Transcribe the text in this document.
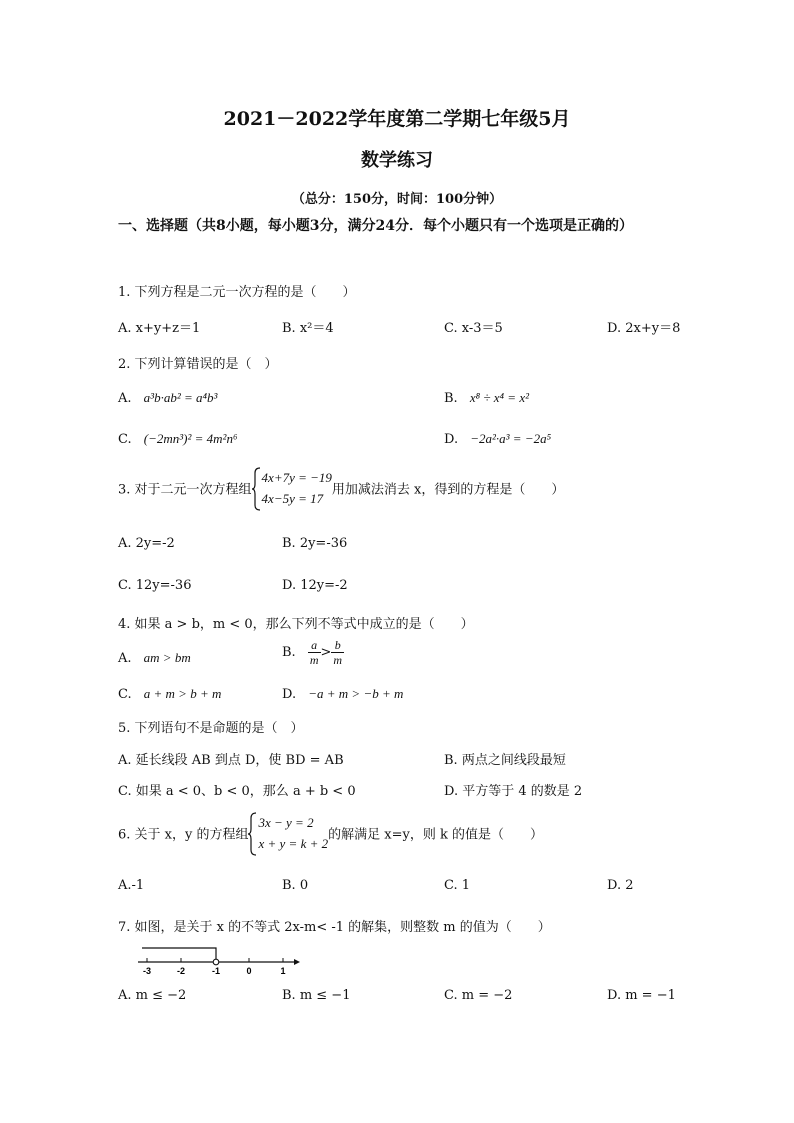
2021－2022学年度第二学期七年级5月
数学练习
（总分：150分，时间：100分钟）
一、选择题（共8小题，每小题3分，满分24分．每个小题只有一个选项是正确的）
1. 下列方程是二元一次方程的是（　　）
A. x+y+z＝1	B. x²＝4	C. x-3＝5	D. 2x+y＝8
2. 下列计算错误的是（　）
A. a³b·ab² = a⁴b³	B. x⁸ ÷ x⁴ = x²
C. (−2mn³)² = 4m²n⁶	D. −2a²·a³ = −2a⁵
3. 对于二元一次方程组
4x+7y = −19
4x−5y = 17
用加减法消去 x，得到的方程是（　　）
A. 2y=-2	B. 2y=-36
C. 12y=-36	D. 12y=-2
4. 如果 a > b，m < 0，那么下列不等式中成立的是（　　）
A. am > bm	B. $\frac{a}{m} > \frac{b}{m}$
C. a + m > b + m	D. −a + m > −b + m
5. 下列语句不是命题的是（　）
A. 延长线段 AB 到点 D，使 BD = AB	B. 两点之间线段最短
C. 如果 a < 0、b < 0，那么 a + b < 0	D. 平方等于 4 的数是 2
6. 关于 x，y 的方程组
3x − y = 2
x + y = k + 2
的解满足 x=y，则 k 的值是（　　）
A.-1	B. 0	C. 1	D. 2
7. 如图，是关于 x 的不等式 2x-m< -1 的解集，则整数 m 的值为（　　）
-3	-2	-1	0	1
A. m ≤ −2	B. m ≤ −1	C. m = −2	D. m = −1
